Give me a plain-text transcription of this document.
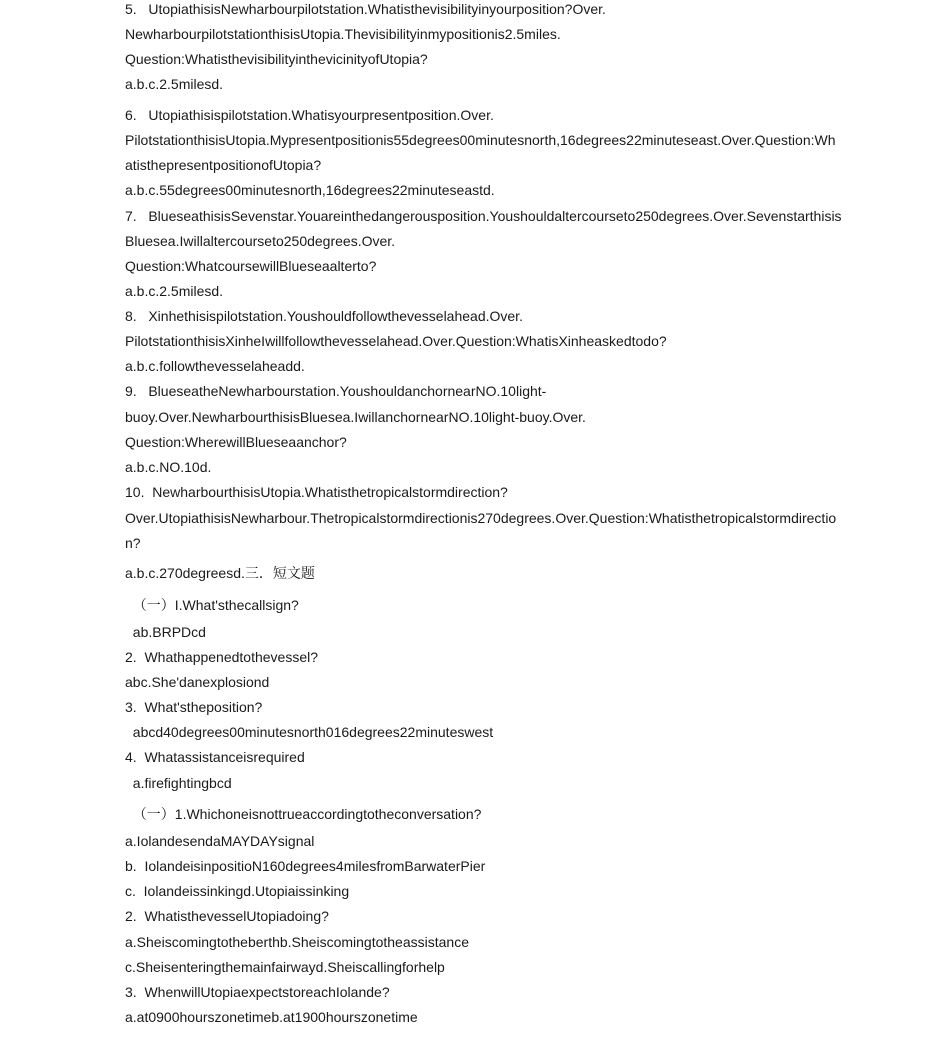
5.   UtopiathisisNewharbourpilotstation.Whatisthevisibilityinyourposition?Over.
NewharbourpilotstationthisisUtopia.Thevisibilityinmypositionis2.5miles.
Question:WhatisthevisibilityinthevicinityofUtopia?
a.b.c.2.5milesd.
6.   Utopiathisispilotstation.Whatisyourpresentposition.Over.
PilotstationthisisUtopia.Mypresentpositionis55degrees00minutesnorth,16degrees22minuteseast.Over.Question:Wh
atisthepresentpositionofUtopia?
a.b.c.55degrees00minutesnorth,16degrees22minuteseastd.
7.   BlueseathisisSevenstar.Youareinthedangerousposition.Youshouldaltercourseto250degrees.Over.Sevenstarthisis
Bluesea.Iwillaltercourseto250degrees.Over.
Question:WhatcoursewillBlueseaalterto?
a.b.c.2.5milesd.
8.   Xinhethisispilotstation.Youshouldfollowthevesselahead.Over.
PilotstationthisisXinheIwillfollowthevesselahead.Over.Question:WhatisXinheaskedtodo?
a.b.c.followthevesselaheadd.
9.   BlueseatheNewharbourstation.YoushouldanchornearNO.10light-
buoy.Over.NewharbourthisisBluesea.IwillanchornearNO.10light-buoy.Over.
Question:WherewillBlueseaanchor?
a.b.c.NO.10d.
10.  NewharbourthisisUtopia.Whatisthetropicalstormdirection?
Over.UtopiathisisNewharbour.Thetropicalstormdirectionis270degrees.Over.Question:Whatisthetropicalstormdirectio
n?
a.b.c.270degreesd.三．短文题
（一）I.What'sthecallsign?
ab.BRPDcd
2.  Whathappenedtothevessel?
abc.She'danexplosiond
3.  What'stheposition?
abcd40degrees00minutesnorth016degrees22minuteswest
4.  Whatassistanceisrequired
a.firefightingbcd
（一）1.Whichoneisnottrueaccordingtotheconversation?
a.IolandesendaMAYDAYsignal
b.  IolandeisinpositioN160degrees4milesfromBarwaterPier
c.  Iolandeissinkingd.Utopiaissinking
2.  WhatisthevesselUtopiadoing?
a.Sheiscomingtotheberthb.Sheiscomingtotheassistance
c.Sheisenteringthemainfairwayd.Sheiscallingforhelp
3.  WhenwillUtopiaexpectstoreachIolande?
a.at0900hourszonetimeb.at1900hourszonetime
